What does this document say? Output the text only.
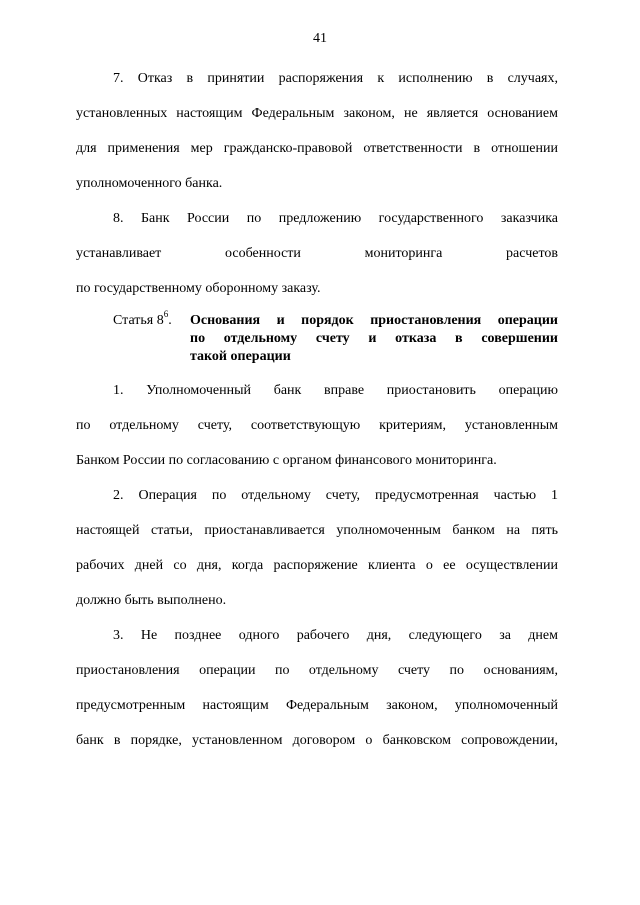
41
7. Отказ в принятии распоряжения к исполнению в случаях,
установленных настоящим Федеральным законом, не является основанием
для применения мер гражданско-правовой ответственности в отношении
уполномоченного банка.
8. Банк России по предложению государственного заказчика
устанавливает особенности мониторинга расчетов
по государственному оборонному заказу.
Статья $8^6$. Основания и порядок приостановления операции
по отдельному счету и отказа в совершении
такой операции
1. Уполномоченный банк вправе приостановить операцию
по отдельному счету, соответствующую критериям, установленным
Банком России по согласованию с органом финансового мониторинга.
2. Операция по отдельному счету, предусмотренная частью 1
настоящей статьи, приостанавливается уполномоченным банком на пять
рабочих дней со дня, когда распоряжение клиента о ее осуществлении
должно быть выполнено.
3. Не позднее одного рабочего дня, следующего за днем
приостановления операции по отдельному счету по основаниям,
предусмотренным настоящим Федеральным законом, уполномоченный
банк в порядке, установленном договором о банковском сопровождении,
